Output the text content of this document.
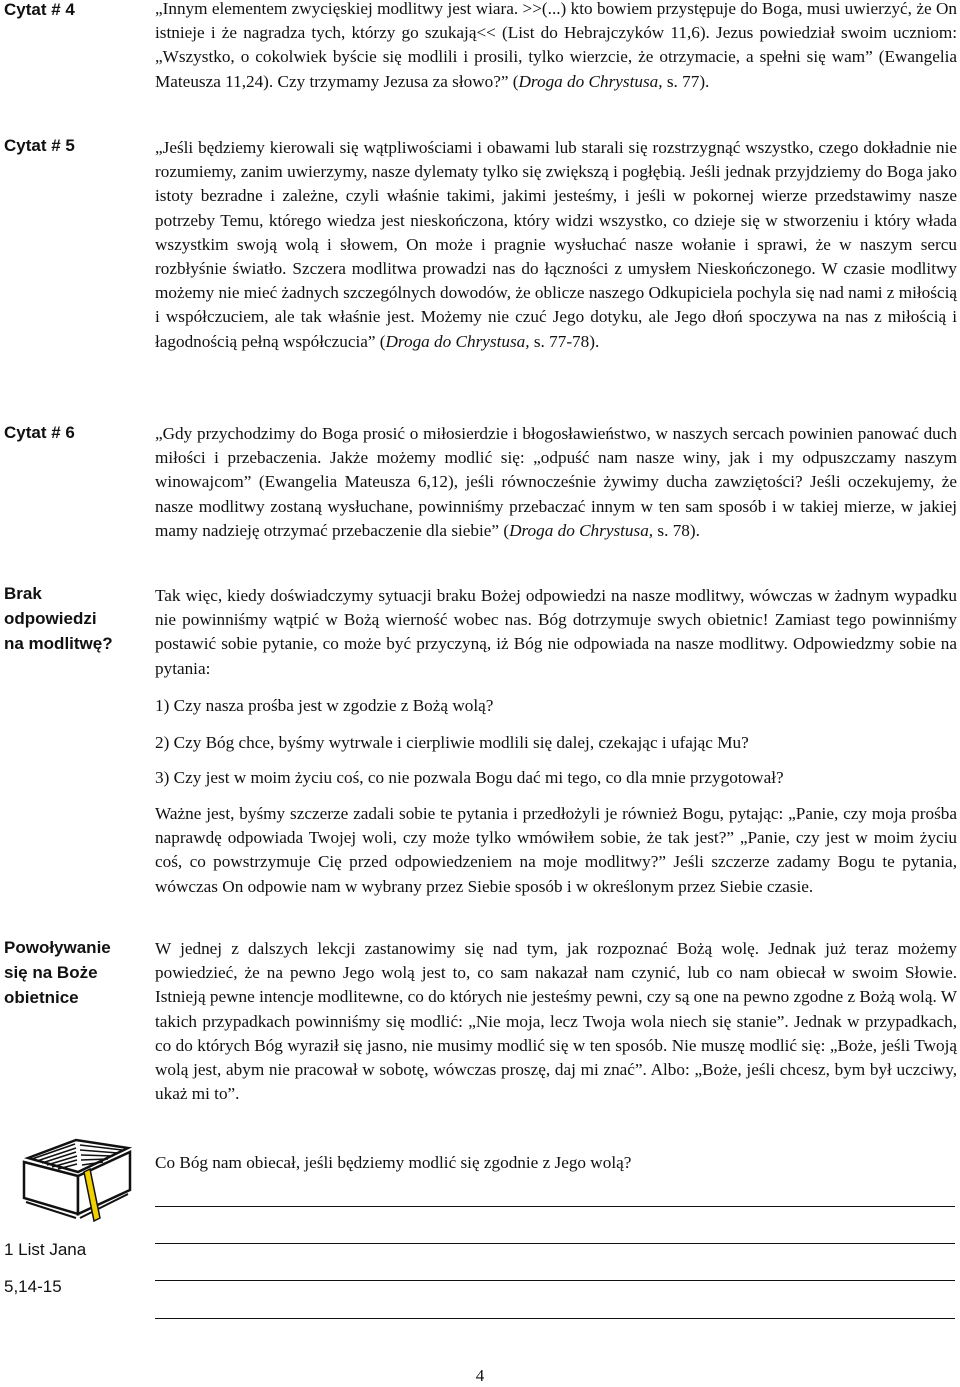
Cytat # 4
Cytat # 5
Cytat # 6
Brak
odpowiedzi
na modlitwę?
Powoływanie
się na Boże
obietnice
1 List Jana
5,14-15

„Innym elementem zwycięskiej modlitwy jest wiara. >>(...) kto bowiem przystępuje do Boga, musi uwierzyć, że On istnieje i że nagradza tych, którzy go szukają<< (List do Hebrajczyków 11,6). Jezus powiedział swoim uczniom: „Wszystko, o cokolwiek byście się modlili i prosili, tylko wierzcie, że otrzymacie, a spełni się wam” (Ewangelia Mateusza 11,24). Czy trzymamy Jezusa za słowo?” (Droga do Chrystusa, s. 77).

„Jeśli będziemy kierowali się wątpliwościami i obawami lub starali się rozstrzygnąć wszystko, czego dokładnie nie rozumiemy, zanim uwierzymy, nasze dylematy tylko się zwiększą i pogłębią. Jeśli jednak przyjdziemy do Boga jako istoty bezradne i zależne, czyli właśnie takimi, jakimi jesteśmy, i jeśli w pokornej wierze przedstawimy nasze potrzeby Temu, którego wiedza jest nieskończona, który widzi wszystko, co dzieje się w stworzeniu i który włada wszystkim swoją wolą i słowem, On może i pragnie wysłuchać nasze wołanie i sprawi, że w naszym sercu rozbłyśnie światło. Szczera modlitwa prowadzi nas do łączności z umysłem Nieskończonego. W czasie modlitwy możemy nie mieć żadnych szczególnych dowodów, że oblicze naszego Odkupiciela pochyla się nad nami z miłością i współczuciem, ale tak właśnie jest. Możemy nie czuć Jego dotyku, ale Jego dłoń spoczywa na nas z miłością i łagodnością pełną współczucia” (Droga do Chrystusa, s. 77-78).

„Gdy przychodzimy do Boga prosić o miłosierdzie i błogosławieństwo, w naszych sercach powinien panować duch miłości i przebaczenia. Jakże możemy modlić się: „odpuść nam nasze winy, jak i my odpuszczamy naszym winowajcom” (Ewangelia Mateusza 6,12), jeśli równocześnie żywimy ducha zawziętości? Jeśli oczekujemy, że nasze modlitwy zostaną wysłuchane, powinniśmy przebaczać innym w ten sam sposób i w takiej mierze, w jakiej mamy nadzieję otrzymać przebaczenie dla siebie” (Droga do Chrystusa, s. 78).

Tak więc, kiedy doświadczymy sytuacji braku Bożej odpowiedzi na nasze modlitwy, wówczas w żadnym wypadku nie powinniśmy wątpić w Bożą wierność wobec nas. Bóg dotrzymuje swych obietnic! Zamiast tego powinniśmy postawić sobie pytanie, co może być przyczyną, iż Bóg nie odpowiada na nasze modlitwy. Odpowiedzmy sobie na pytania:

1) Czy nasza prośba jest w zgodzie z Bożą wolą?

2) Czy Bóg chce, byśmy wytrwale i cierpliwie modlili się dalej, czekając i ufając Mu?

3) Czy jest w moim życiu coś, co nie pozwala Bogu dać mi tego, co dla mnie przygotował?

Ważne jest, byśmy szczerze zadali sobie te pytania i przedłożyli je również Bogu, pytając: „Panie, czy moja prośba naprawdę odpowiada Twojej woli, czy może tylko wmówiłem sobie, że tak jest?” „Panie, czy jest w moim życiu coś, co powstrzymuje Cię przed odpowiedzeniem na moje modlitwy?” Jeśli szczerze zadamy Bogu te pytania, wówczas On odpowie nam w wybrany przez Siebie sposób i w określonym przez Siebie czasie.

W jednej z dalszych lekcji zastanowimy się nad tym, jak rozpoznać Bożą wolę. Jednak już teraz możemy powiedzieć, że na pewno Jego wolą jest to, co sam nakazał nam czynić, lub co nam obiecał w swoim Słowie. Istnieją pewne intencje modlitewne, co do których nie jesteśmy pewni, czy są one na pewno zgodne z Bożą wolą. W takich przypadkach powinniśmy się modlić: „Nie moja, lecz Twoja wola niech się stanie”. Jednak w przypadkach, co do których Bóg wyraził się jasno, nie musimy modlić się w ten sposób. Nie muszę modlić się: „Boże, jeśli Twoją wolą jest, abym nie pracował w sobotę, wówczas proszę, daj mi znać”. Albo: „Boże, jeśli chcesz, bym był uczciwy, ukaż mi to”.

Co Bóg nam obiecał, jeśli będziemy modlić się zgodnie z Jego wolą?

4
